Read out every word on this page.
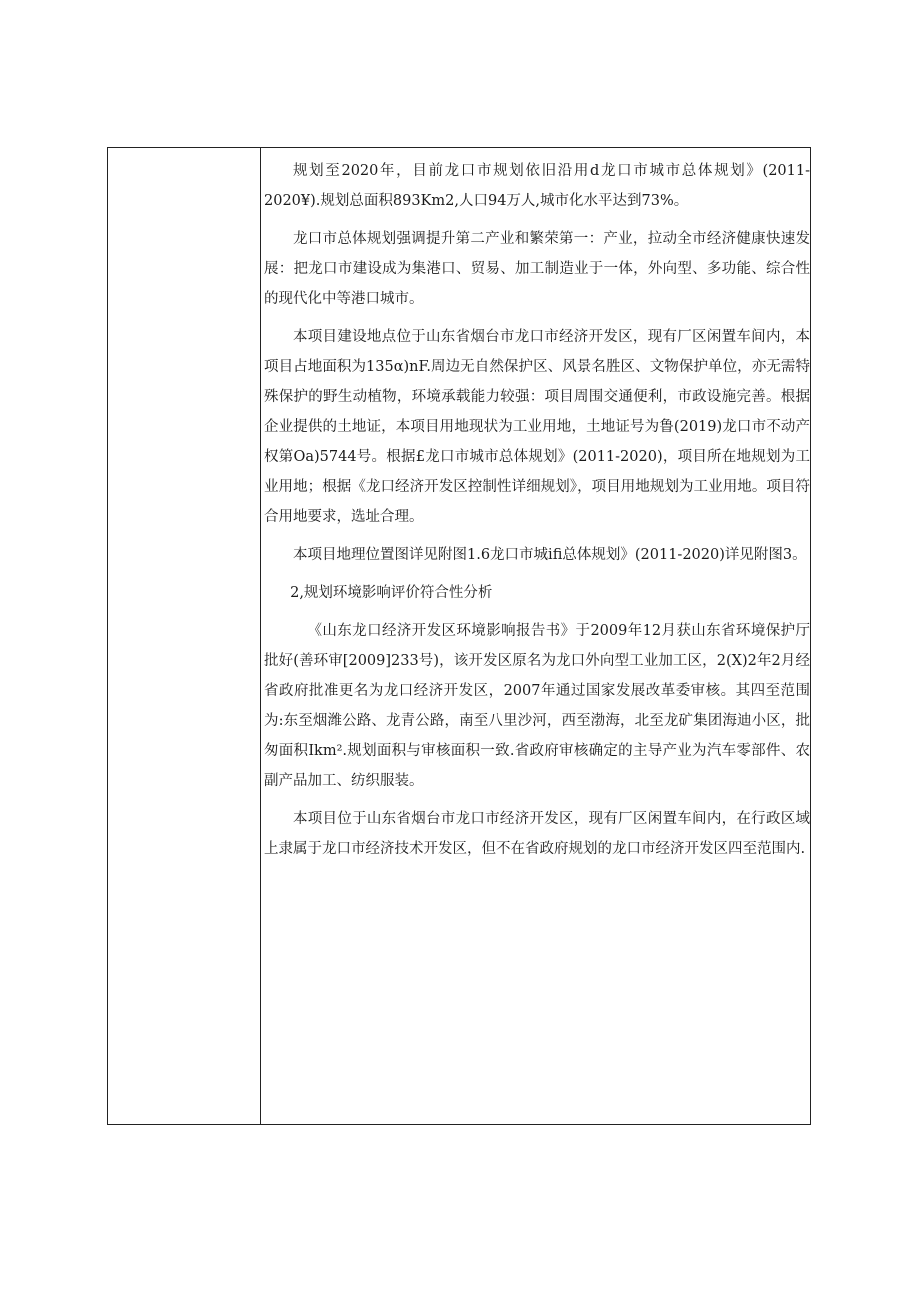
规划至2020年，目前龙口市规划依旧沿用d龙口市城市总体规划》(2011-2020¥).规划总面积893Km2,人口94万人,城市化水平达到73%。

龙口市总体规划强调提升第二产业和繁荣第一：产业，拉动全市经济健康快速发展：把龙口市建设成为集港口、贸易、加工制造业于一体，外向型、多功能、综合性的现代化中等港口城市。

本项目建设地点位于山东省烟台市龙口市经济开发区，现有厂区闲置车间内，本项目占地面积为135α)nF.周边无自然保护区、风景名胜区、文物保护单位，亦无需特殊保护的野生动植物，环境承载能力较强：项目周围交通便利，市政设施完善。根据企业提供的土地证，本项目用地现状为工业用地，土地证号为鲁(2019)龙口市不动产权第Oa)5744号。根据£龙口市城市总体规划》(2011-2020)，项目所在地规划为工业用地；根据《龙口经济开发区控制性详细规划》，项目用地规划为工业用地。项目符合用地要求，选址合理。

本项目地理位置图详见附图1.6龙口市城ifi总体规划》(2011-2020)详见附图3。

2,规划环境影响评价符合性分析

《山东龙口经济开发区环境影响报告书》于2009年12月获山东省环境保护厅批好(善环审[2009]233号)，该开发区原名为龙口外向型工业加工区，2(X)2年2月经省政府批准更名为龙口经济开发区，2007年通过国家发展改革委审核。其四至范围为:东至烟潍公路、龙青公路，南至八里沙河，西至渤海，北至龙矿集团海迪小区，批匆面积Ikm².规划面积与审核面积一致.省政府审核确定的主导产业为汽车零部件、农副产品加工、纺织服装。

本项目位于山东省烟台市龙口市经济开发区，现有厂区闲置车间内，在行政区域上隶属于龙口市经济技术开发区，但不在省政府规划的龙口市经济开发区四至范围内.
